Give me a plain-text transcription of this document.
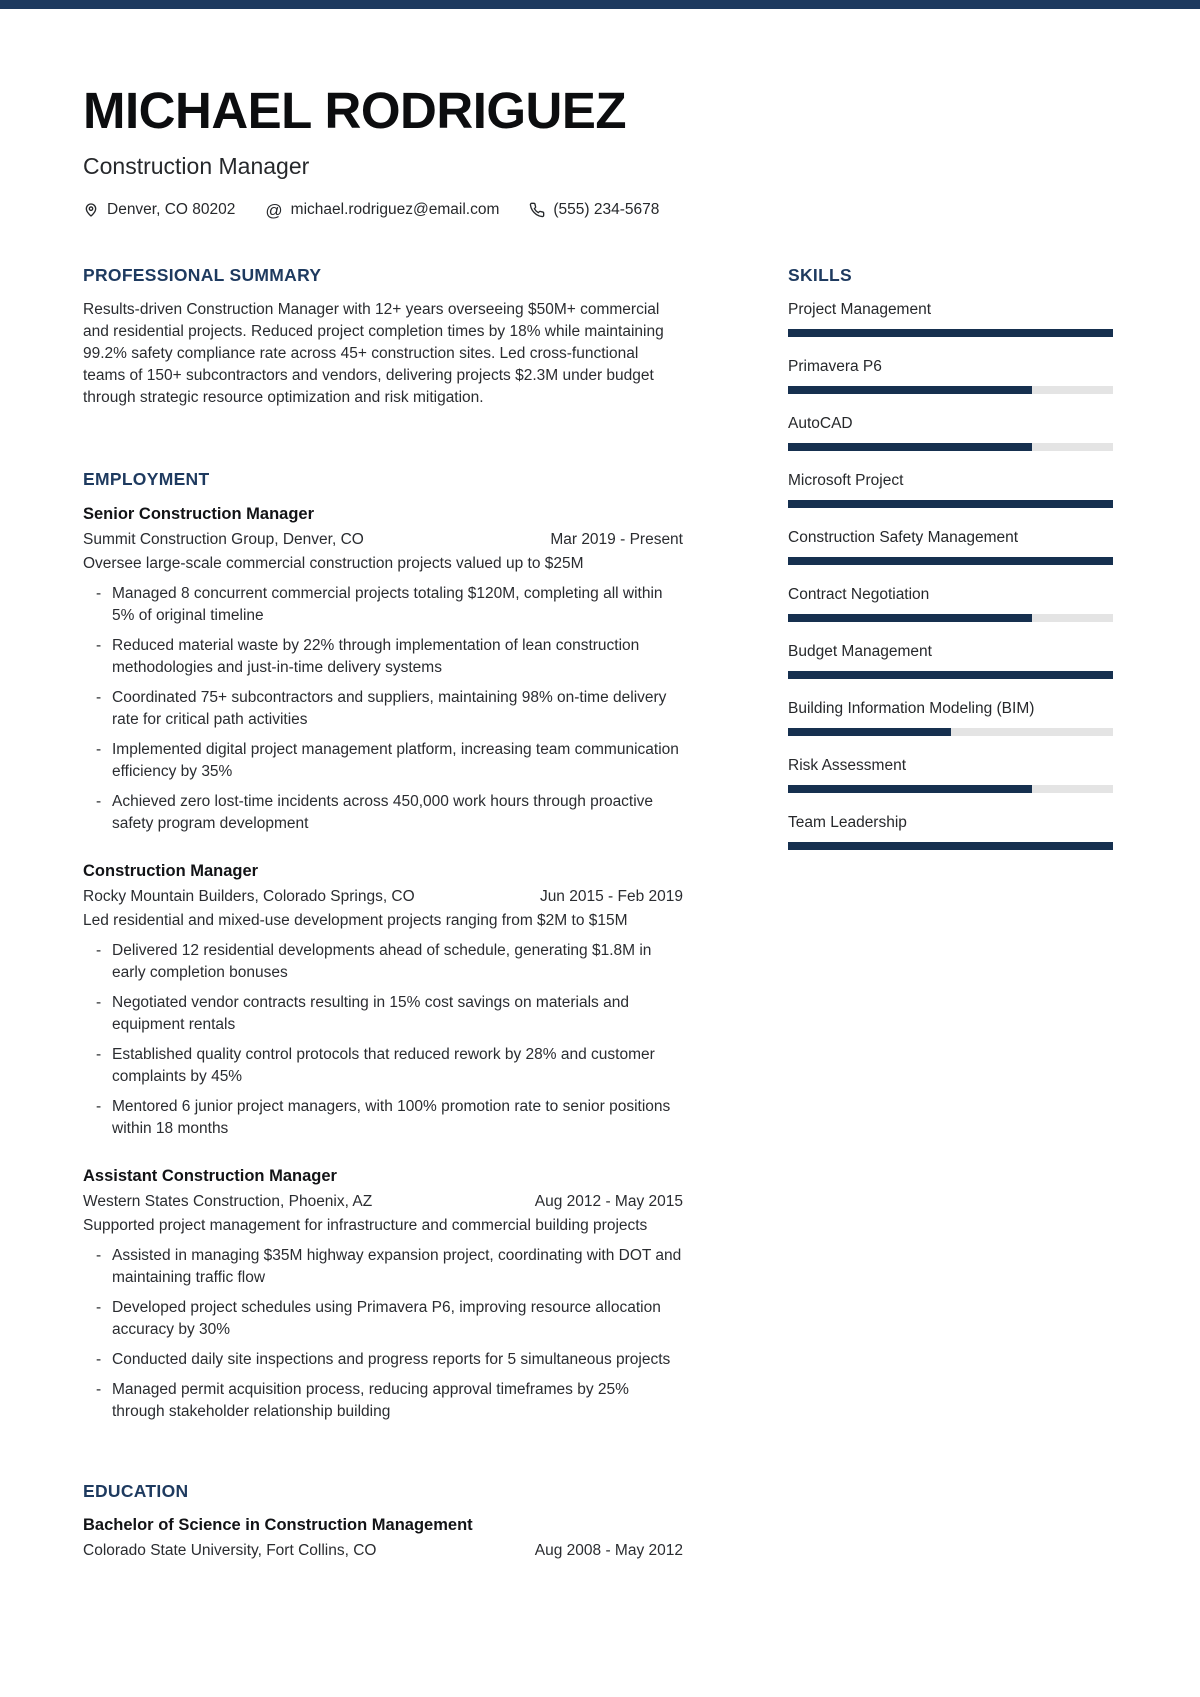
MICHAEL RODRIGUEZ
Construction Manager
Denver, CO 80202 @ michael.rodriguez@email.com	(555) 234-5678
PROFESSIONAL SUMMARY

Results-driven Construction Manager with 12+ years overseeing $50M+ commercial and residential projects. Reduced project completion times by 18% while maintaining 99.2% safety compliance rate across 45+ construction sites. Led cross-functional teams of 150+ subcontractors and vendors, delivering projects $2.3M under budget through strategic resource optimization and risk mitigation.

EMPLOYMENT
Senior Construction Manager
Summit Construction Group, Denver, CO	Mar 2019 - Present

Oversee large-scale commercial construction projects valued up to $25M

- Managed 8 concurrent commercial projects totaling $120M, completing all within 5% of original timeline
- Reduced material waste by 22% through implementation of lean construction methodologies and just-in-time delivery systems
- Coordinated 75+ subcontractors and suppliers, maintaining 98% on-time delivery rate for critical path activities
- Implemented digital project management platform, increasing team communication efficiency by 35%
- Achieved zero lost-time incidents across 450,000 work hours through proactive safety program development
Construction Manager
Rocky Mountain Builders, Colorado Springs, CO	Jun 2015 - Feb 2019

Led residential and mixed-use development projects ranging from $2M to $15M

- Delivered 12 residential developments ahead of schedule, generating $1.8M in early completion bonuses
- Negotiated vendor contracts resulting in 15% cost savings on materials and equipment rentals
- Established quality control protocols that reduced rework by 28% and customer complaints by 45%
- Mentored 6 junior project managers, with 100% promotion rate to senior positions within 18 months
Assistant Construction Manager
Western States Construction, Phoenix, AZ	Aug 2012 - May 2015

Supported project management for infrastructure and commercial building projects

- Assisted in managing $35M highway expansion project, coordinating with DOT and maintaining traffic flow
- Developed project schedules using Primavera P6, improving resource allocation accuracy by 30%
- Conducted daily site inspections and progress reports for 5 simultaneous projects
- Managed permit acquisition process, reducing approval timeframes by 25% through stakeholder relationship building
EDUCATION
Bachelor of Science in Construction Management
Colorado State University, Fort Collins, CO	Aug 2008 - May 2012
SKILLS
Project Management
Primavera P6
AutoCAD
Microsoft Project
Construction Safety Management
Contract Negotiation
Budget Management
Building Information Modeling (BIM)
Risk Assessment
Team Leadership
